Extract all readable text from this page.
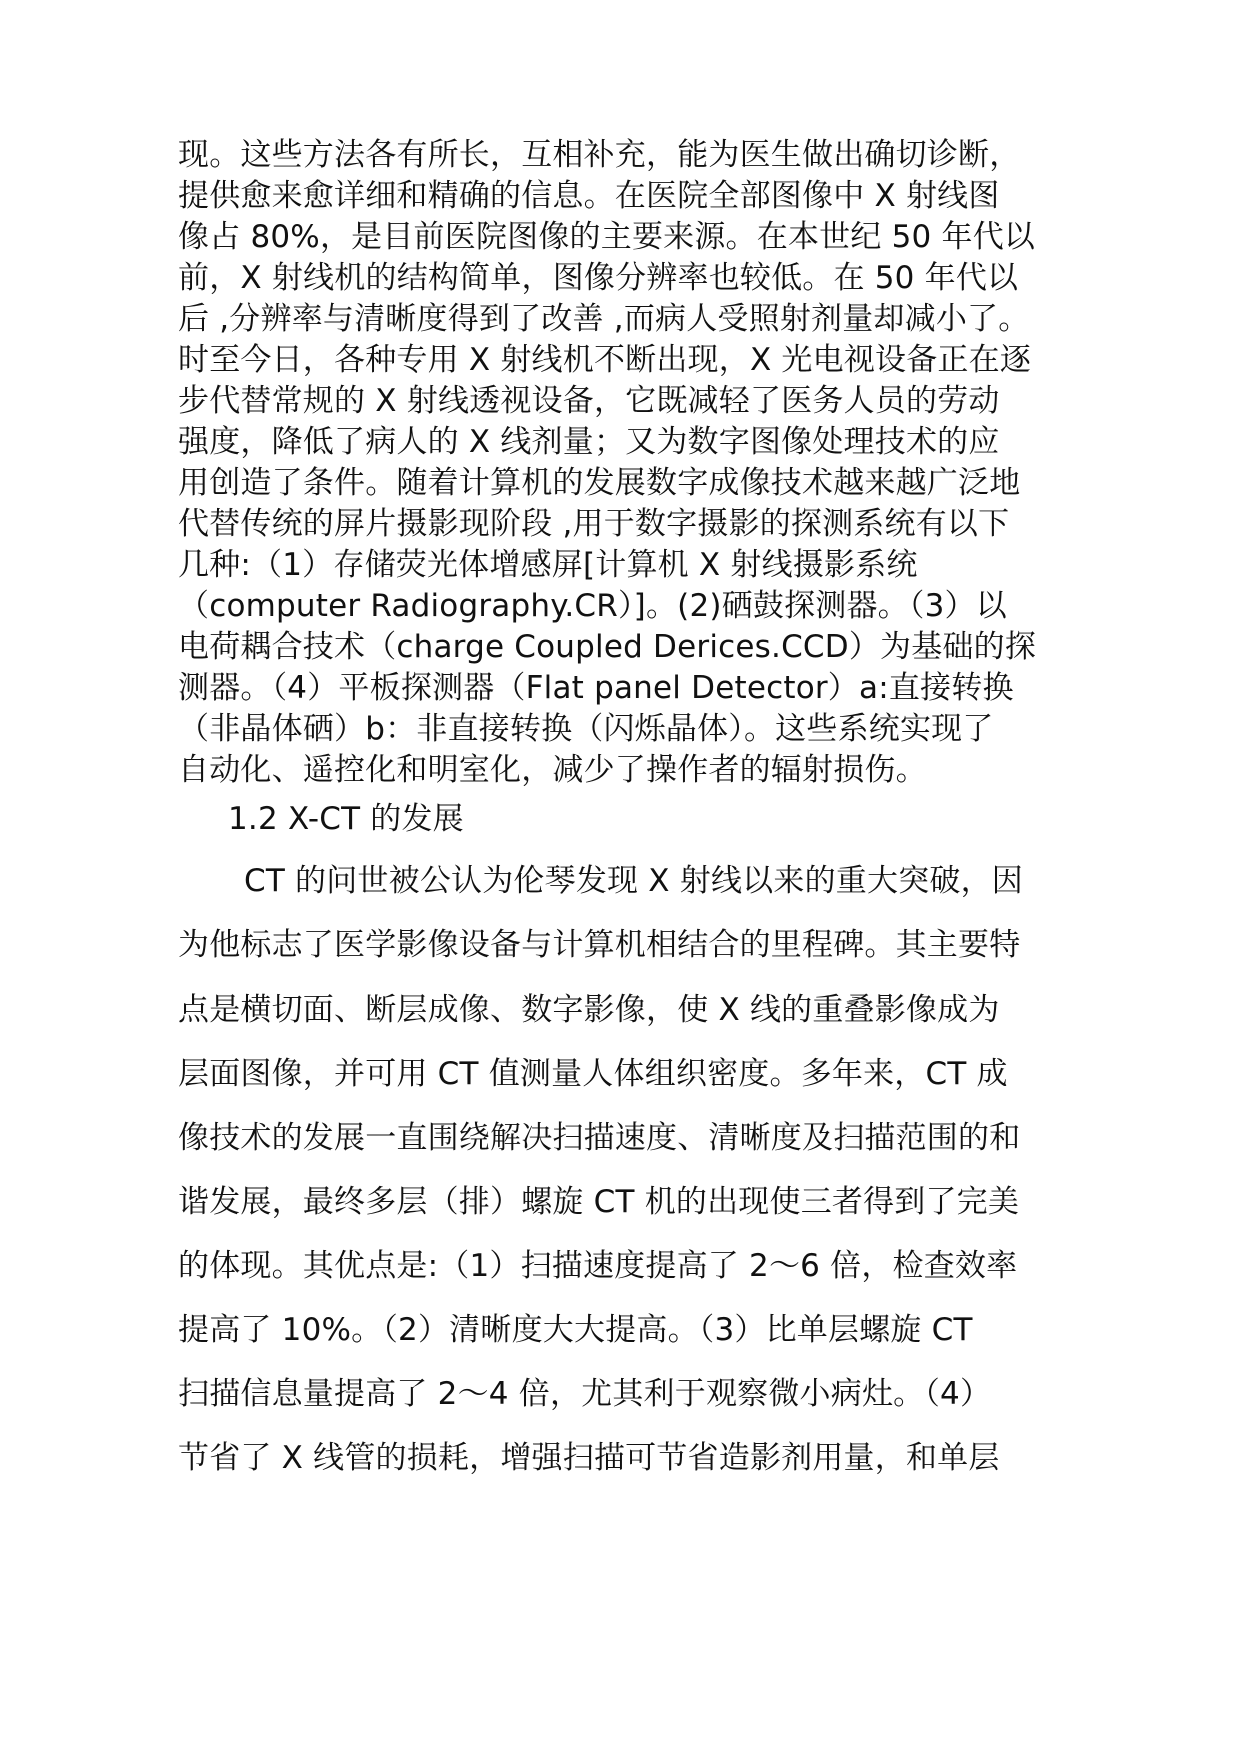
现。这些方法各有所长，互相补充，能为医生做出确切诊断，
提供愈来愈详细和精确的信息。在医院全部图像中 X 射线图
像占 80%，是目前医院图像的主要来源。在本世纪 50 年代以
前，X 射线机的结构简单，图像分辨率也较低。在 50 年代以
后 ,分辨率与清晰度得到了改善 ,而病人受照射剂量却减小了。
时至今日，各种专用 X 射线机不断出现，X 光电视设备正在逐
步代替常规的 X 射线透视设备，它既减轻了医务人员的劳动
强度，降低了病人的 X 线剂量；又为数字图像处理技术的应
用创造了条件。随着计算机的发展数字成像技术越来越广泛地
代替传统的屏片摄影现阶段 ,用于数字摄影的探测系统有以下
几种:（1）存储荧光体增感屏[计算机 X 射线摄影系统
（computer Radiography.CR）]。(2)硒鼓探测器。（3）以
电荷耦合技术（charge Coupled Derices.CCD）为基础的探
测器。（4）平板探测器（Flat panel Detector）a:直接转换
（非晶体硒）b：非直接转换（闪烁晶体）。这些系统实现了
自动化、遥控化和明室化，减少了操作者的辐射损伤。
1.2 X-CT 的发展
CT 的问世被公认为伦琴发现 X 射线以来的重大突破，因
为他标志了医学影像设备与计算机相结合的里程碑。其主要特
点是横切面、断层成像、数字影像，使 X 线的重叠影像成为
层面图像，并可用 CT 值测量人体组织密度。多年来，CT 成
像技术的发展一直围绕解决扫描速度、清晰度及扫描范围的和
谐发展，最终多层（排）螺旋 CT 机的出现使三者得到了完美
的体现。其优点是:（1）扫描速度提高了 2～6 倍，检查效率
提高了 10%。（2）清晰度大大提高。（3）比单层螺旋 CT
扫描信息量提高了 2～4 倍，尤其利于观察微小病灶。（4）
节省了 X 线管的损耗，增强扫描可节省造影剂用量，和单层
